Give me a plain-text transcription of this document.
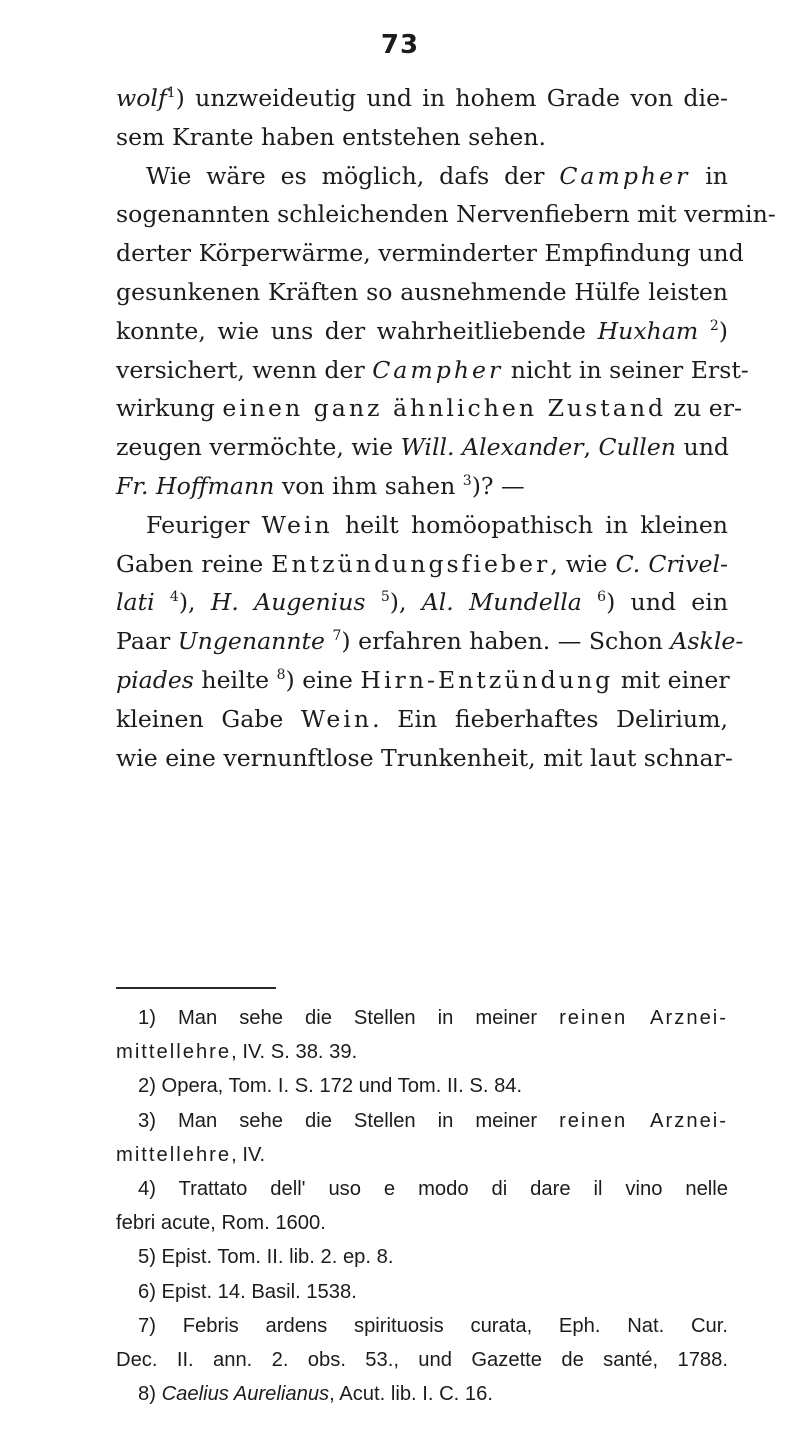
73
wolf$^1$) unzweideutig und in hohem Grade von die-
sem Krante haben entstehen sehen.
Wie wäre es möglich, dafs der Campher in
sogenannten schleichenden Nervenfiebern mit vermin-
derter Körperwärme, verminderter Empfindung und
gesunkenen Kräften so ausnehmende Hülfe leisten
konnte, wie uns der wahrheitliebende Huxham $^2$)
versichert, wenn der Campher nicht in seiner Erst-
wirkung einen ganz ähnlichen Zustand zu er-
zeugen vermöchte, wie Will. Alexander, Cullen und
Fr. Hoffmann von ihm sahen $^3$)? —
Feuriger Wein heilt homöopathisch in kleinen
Gaben reine Entzündungsfieber, wie C. Crivel-
lati $^4$), H. Augenius $^5$), Al. Mundella $^6$) und ein
Paar Ungenannte $^7$) erfahren haben. — Schon Askle-
piades heilte $^8$) eine Hirn-Entzündung mit einer
kleinen Gabe Wein. Ein fieberhaftes Delirium,
wie eine vernunftlose Trunkenheit, mit laut schnar-
1) Man sehe die Stellen in meiner reinen Arznei-
mittellehre, IV. S. 38. 39.
2) Opera, Tom. I. S. 172 und Tom. II. S. 84.
3) Man sehe die Stellen in meiner reinen Arznei-
mittellehre, IV.
4) Trattato dell' uso e modo di dare il vino nelle
febri acute, Rom. 1600.
5) Epist. Tom. II. lib. 2. ep. 8.
6) Epist. 14. Basil. 1538.
7) Febris ardens spirituosis curata, Eph. Nat. Cur.
Dec. II. ann. 2. obs. 53., und Gazette de santé, 1788.
8) Caelius Aurelianus, Acut. lib. I. C. 16.
